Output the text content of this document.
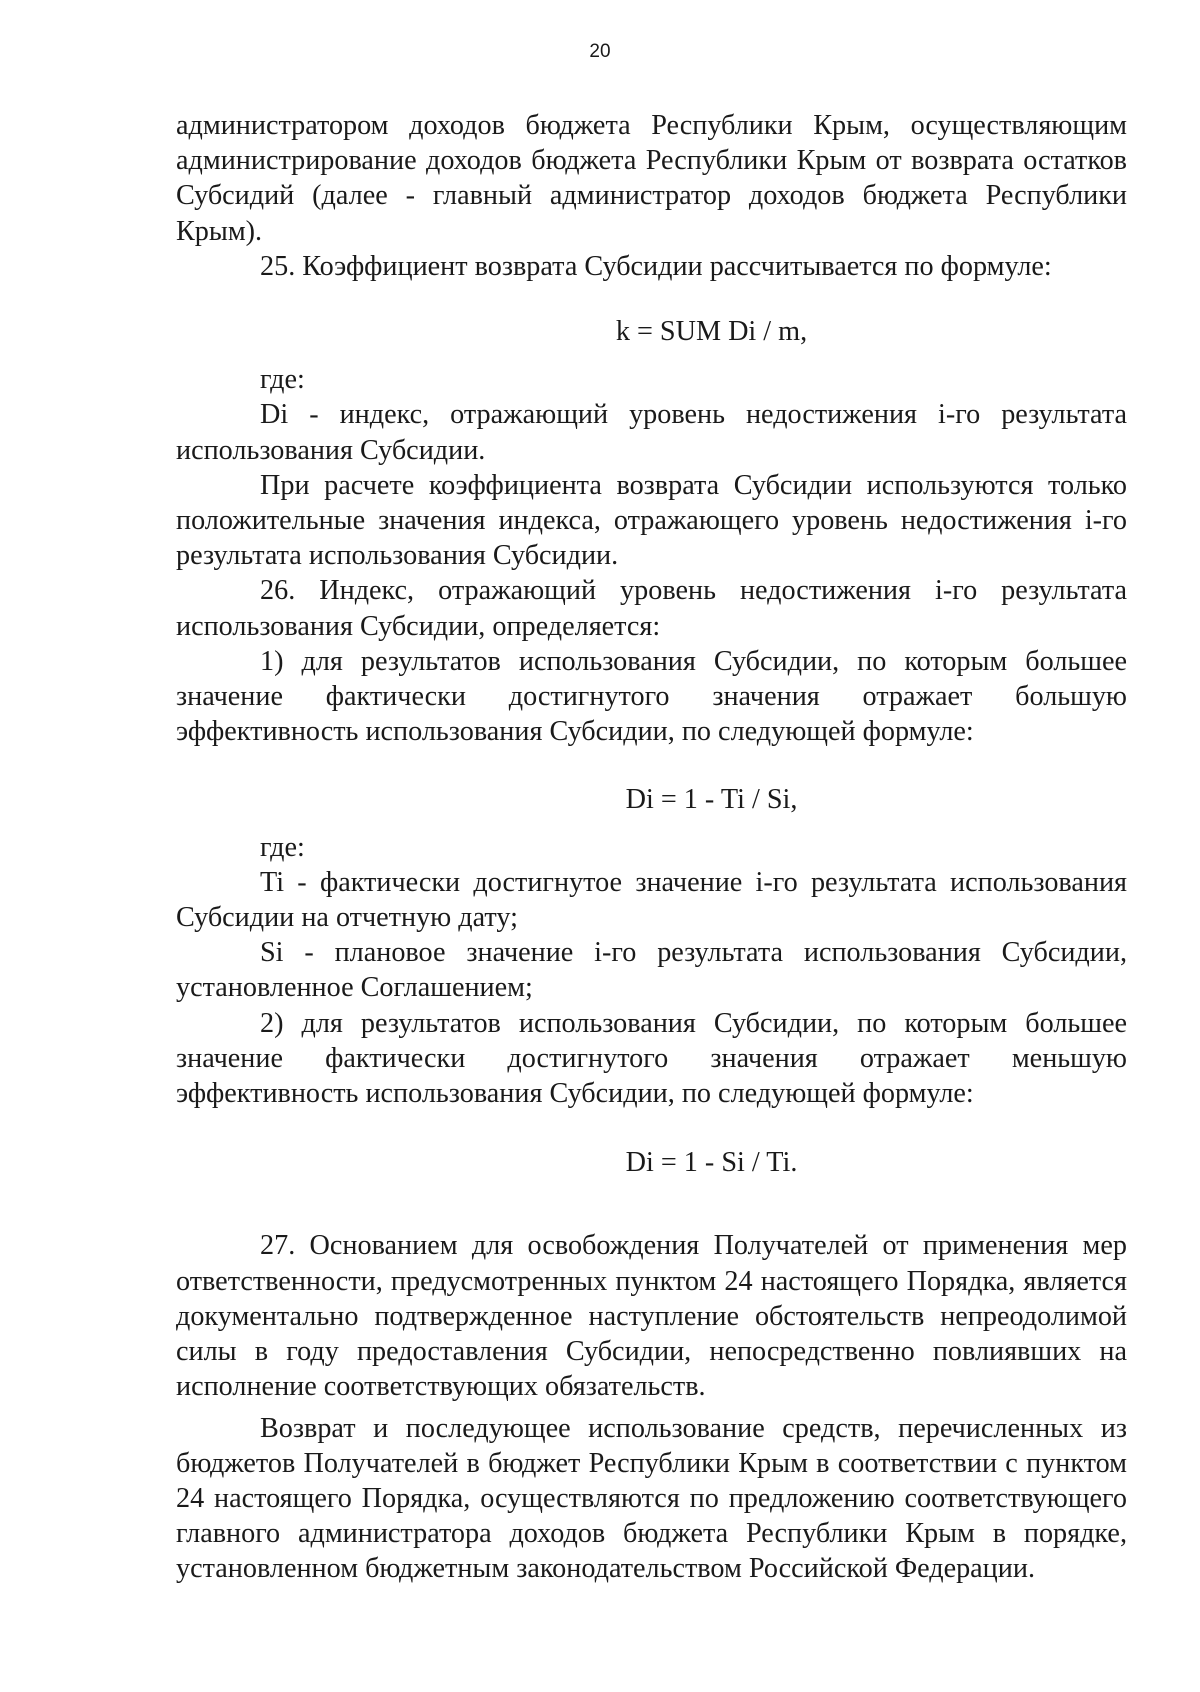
20

администратором доходов бюджета Республики Крым, осуществляющим администрирование доходов бюджета Республики Крым от возврата остатков Субсидий (далее - главный администратор доходов бюджета Республики Крым).

25. Коэффициент возврата Субсидии рассчитывается по формуле:

k = SUM Di / m,

где:

Di - индекс, отражающий уровень недостижения i-го результата использования Субсидии.

При расчете коэффициента возврата Субсидии используются только положительные значения индекса, отражающего уровень недостижения i-го результата использования Субсидии.

26. Индекс, отражающий уровень недостижения i-го результата использования Субсидии, определяется:

1) для результатов использования Субсидии, по которым большее значение фактически достигнутого значения отражает большую эффективность использования Субсидии, по следующей формуле:

Di = 1 - Ti / Si,

где:

Ti - фактически достигнутое значение i-го результата использования Субсидии на отчетную дату;

Si - плановое значение i-го результата использования Субсидии, установленное Соглашением;

2) для результатов использования Субсидии, по которым большее значение фактически достигнутого значения отражает меньшую эффективность использования Субсидии, по следующей формуле:

Di = 1 - Si / Ti.

27. Основанием для освобождения Получателей от применения мер ответственности, предусмотренных пунктом 24 настоящего Порядка, является документально подтвержденное наступление обстоятельств непреодолимой силы в году предоставления Субсидии, непосредственно повлиявших на исполнение соответствующих обязательств.

Возврат и последующее использование средств, перечисленных из бюджетов Получателей в бюджет Республики Крым в соответствии с пунктом 24 настоящего Порядка, осуществляются по предложению соответствующего главного администратора доходов бюджета Республики Крым в порядке, установленном бюджетным законодательством Российской Федерации.
